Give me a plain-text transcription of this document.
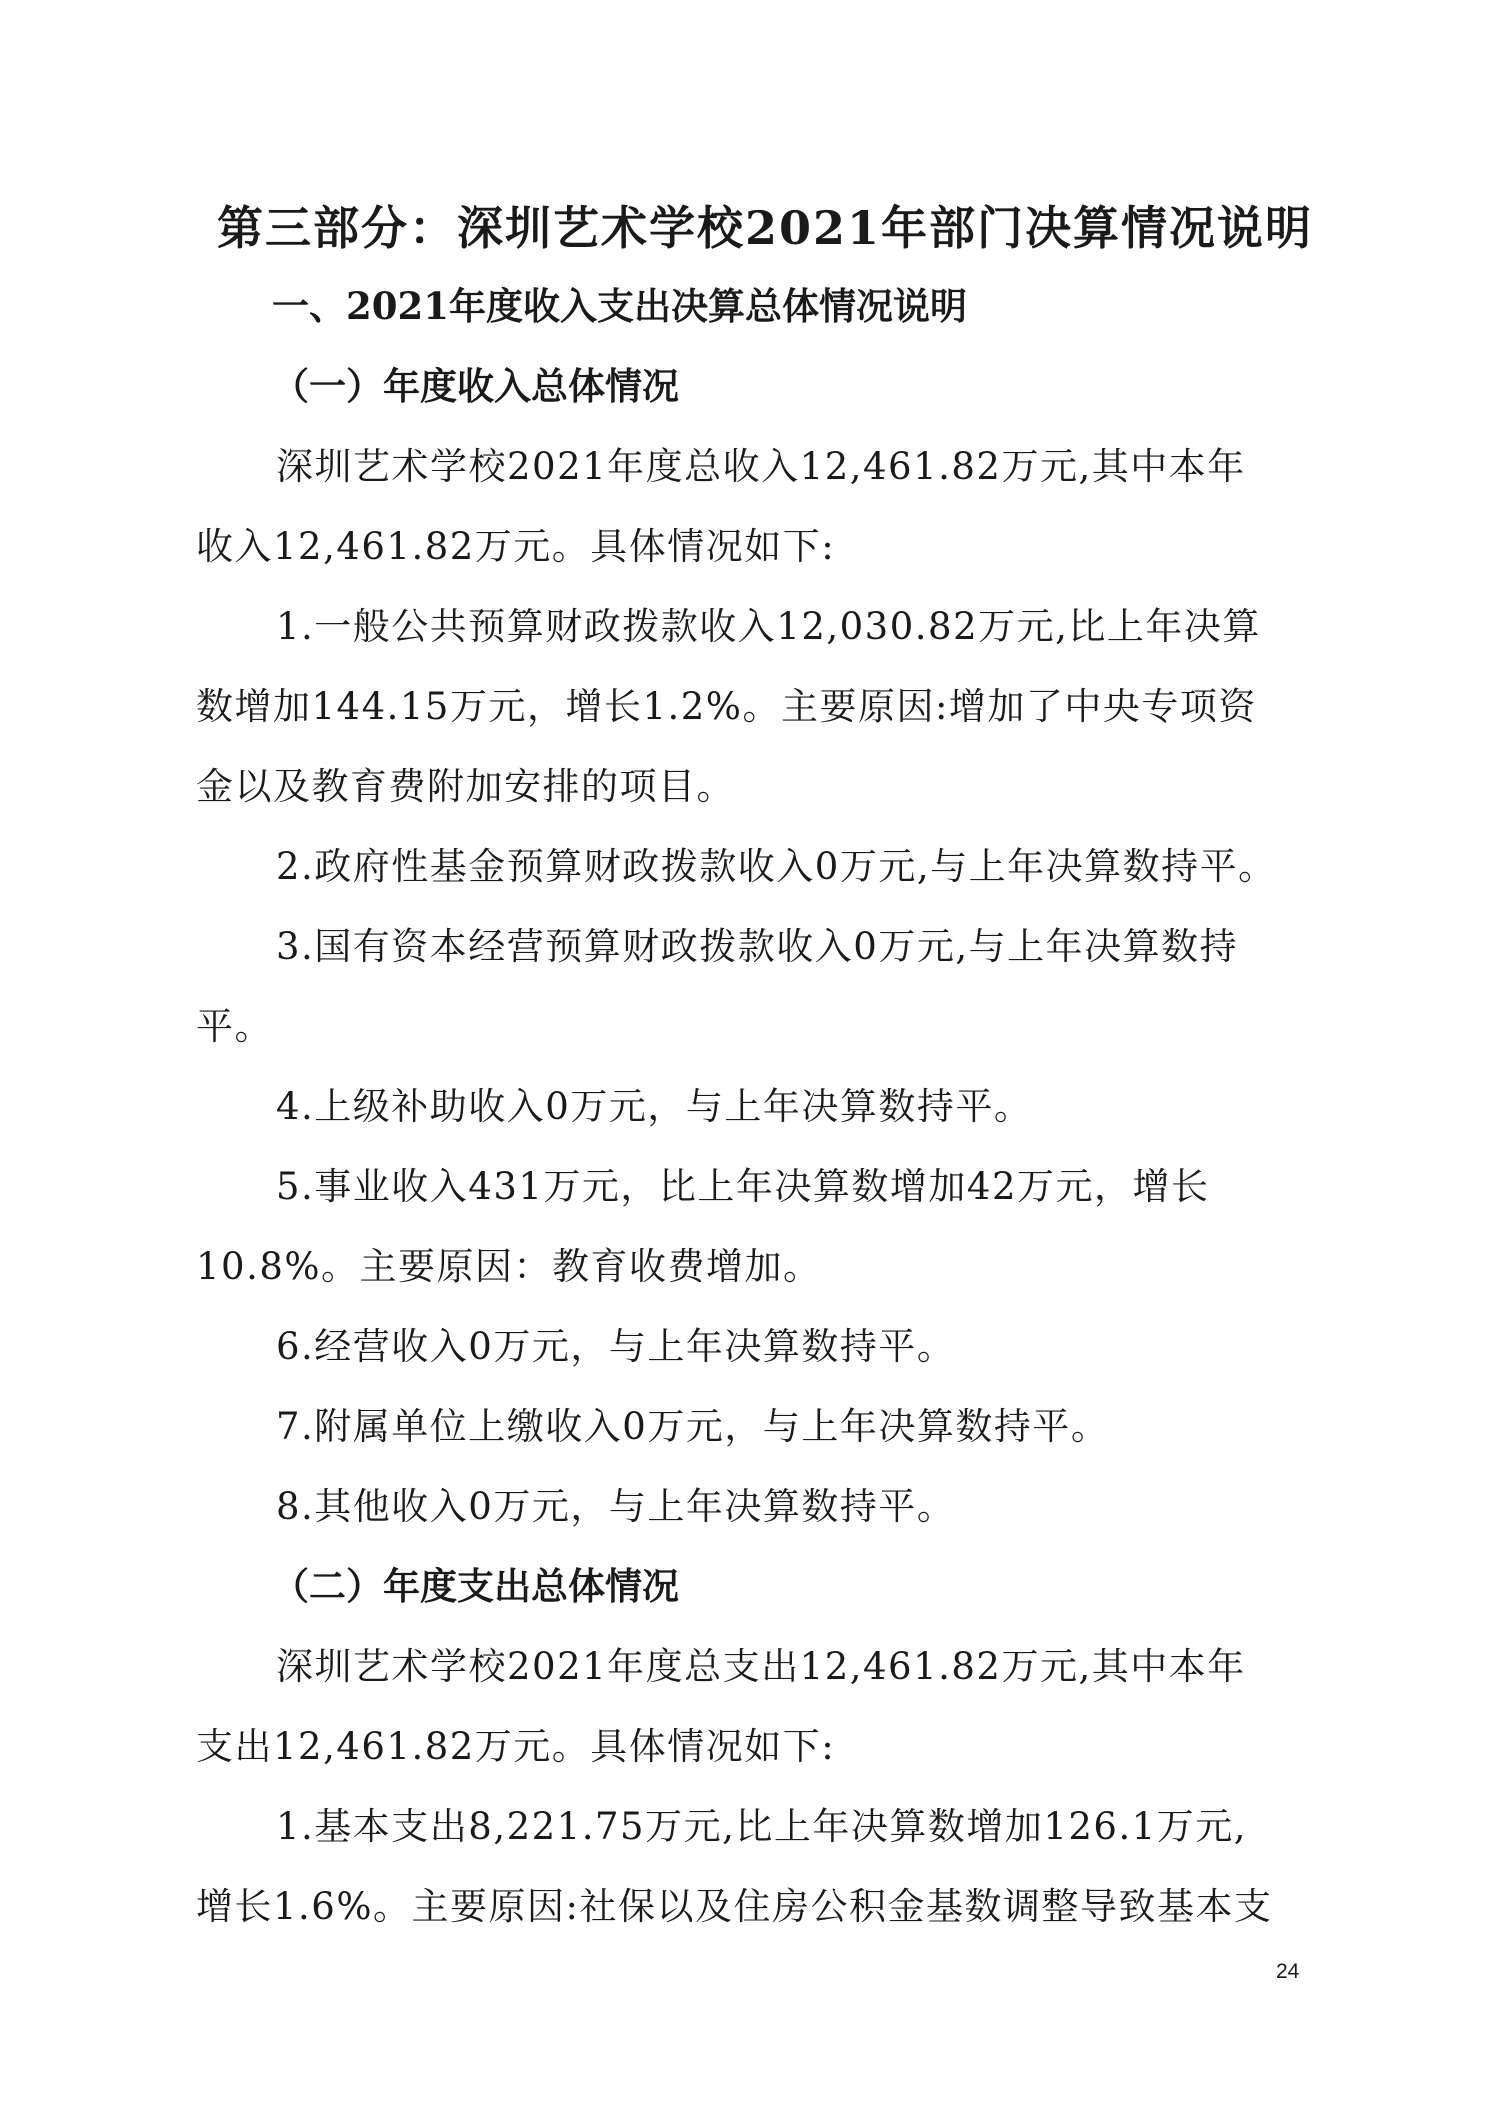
第三部分：深圳艺术学校2021年部门决算情况说明
一、2021年度收入支出决算总体情况说明
（一）年度收入总体情况
深圳艺术学校2021年度总收入12,461.82万元,其中本年
收入12,461.82万元。具体情况如下:
1.一般公共预算财政拨款收入12,030.82万元,比上年决算
数增加144.15万元，增长1.2%。主要原因:增加了中央专项资
金以及教育费附加安排的项目。
2.政府性基金预算财政拨款收入0万元,与上年决算数持平。
3.国有资本经营预算财政拨款收入0万元,与上年决算数持
平。
4.上级补助收入0万元，与上年决算数持平。
5.事业收入431万元，比上年决算数增加42万元，增长
10.8%。主要原因：教育收费增加。
6.经营收入0万元，与上年决算数持平。
7.附属单位上缴收入0万元，与上年决算数持平。
8.其他收入0万元，与上年决算数持平。
（二）年度支出总体情况
深圳艺术学校2021年度总支出12,461.82万元,其中本年
支出12,461.82万元。具体情况如下:
1.基本支出8,221.75万元,比上年决算数增加126.1万元,
增长1.6%。主要原因:社保以及住房公积金基数调整导致基本支
24
